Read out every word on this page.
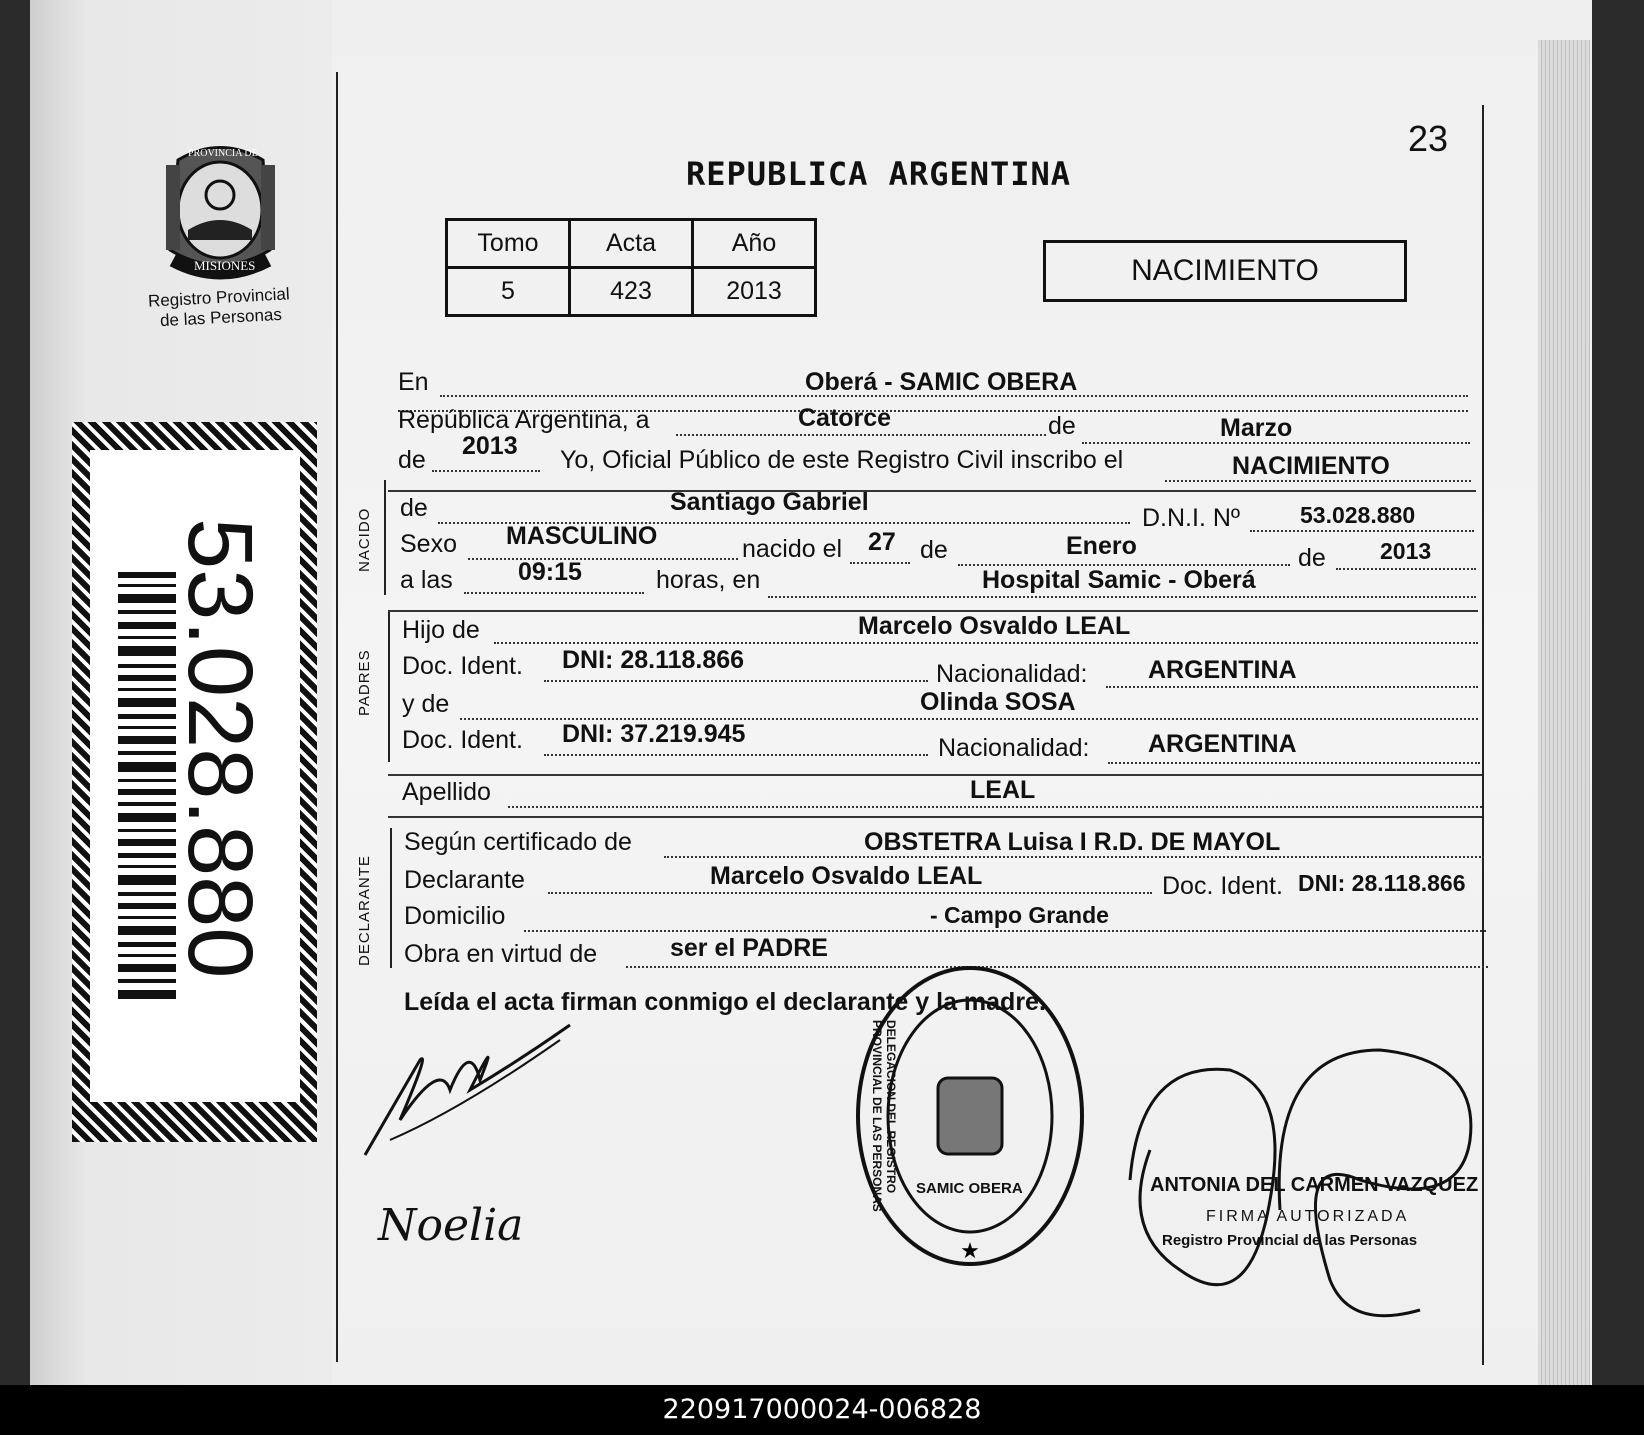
PROVINCIA DE
MISIONES
Registro Provincial
de las Personas
53.028.880
23
REPUBLICA ARGENTINA
Tomo	Acta	Año
5	423	2013
NACIMIENTO
En	Oberá - SAMIC OBERA
República Argentina, a	Catorce	de	Marzo
de 2013 Yo, Oficial Público de este Registro Civil inscribo el	NACIMIENTO
NACIDO de	Santiago Gabriel
D.N.I. Nº	53.028.880
Sexo MASCULINO	nacido el 27 de	Enero	de 2013
a las	09:15	horas, en	Hospital Samic - Oberá
PADRES
Hijo de	Marcelo Osvaldo LEAL
Doc. Ident. DNI: 28.118.866	Nacionalidad: ARGENTINA
y de	Olinda SOSA
Doc. Ident. DNI: 37.219.945	Nacionalidad: ARGENTINA
Apellido	LEAL
DECLARANTE
Según certificado de	OBSTETRA Luisa I R.D. DE MAYOL
Declarante	Marcelo Osvaldo LEAL	Doc. Ident. DNI: 28.118.866
Domicilio	- Campo Grande
Obra en virtud de	ser el PADRE
Leída el acta firman conmigo el declarante y la madre.
Noelia	★
DELEGACION DEL REGISTRO PROVINCIAL DE LAS PERSONAS	SAMIC OBERA	ANTONIA DEL CARMEN VAZQUEZ
FIRMA AUTORIZADA
Registro Provincial de las Personas
220917000024-006828
